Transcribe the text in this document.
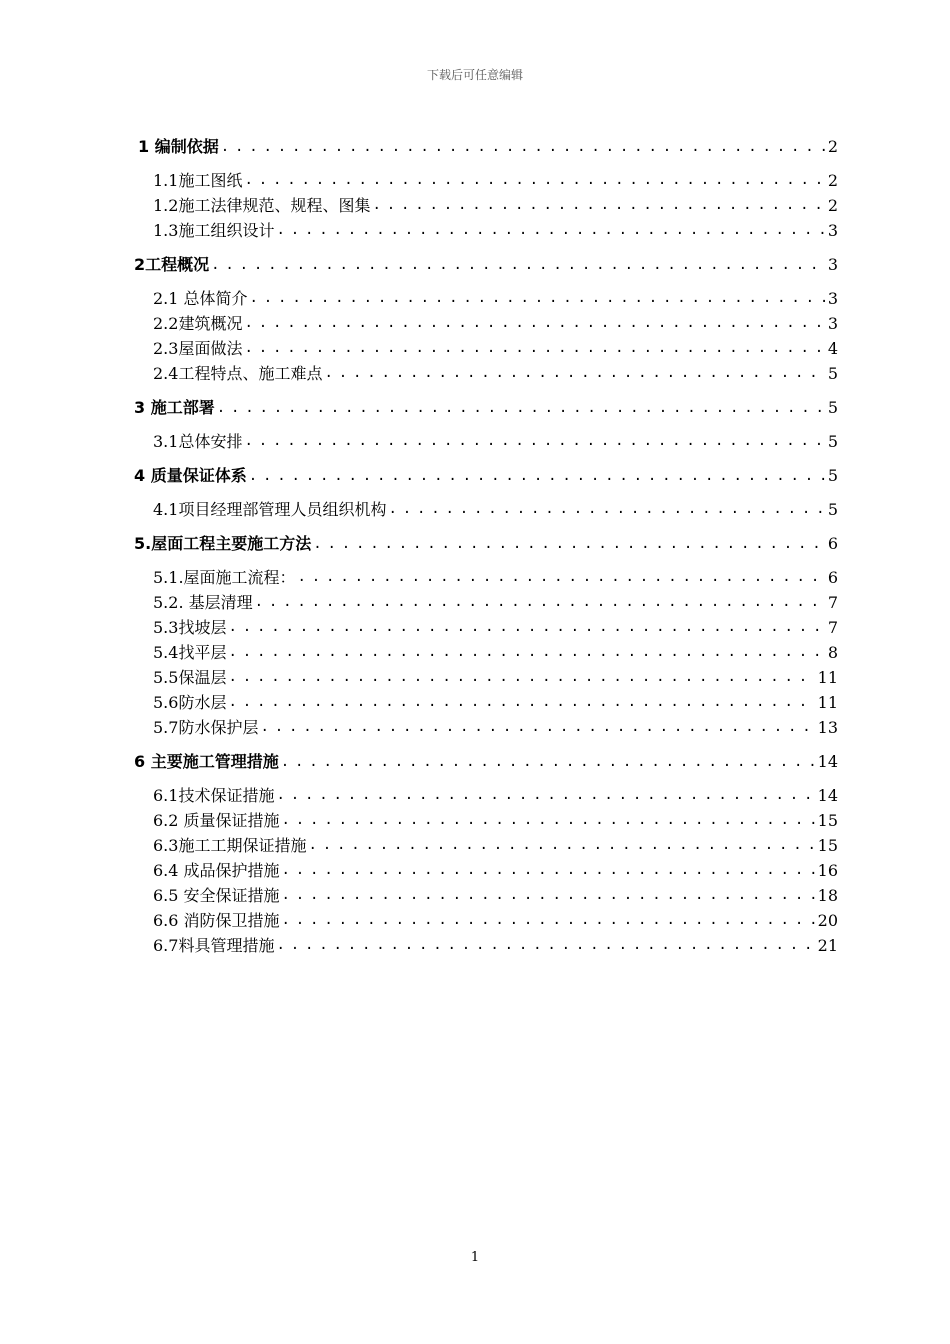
下载后可任意编辑
1 编制依据 . . .	2
1.1施工图纸 . . .	2
1.2施工法律规范、规程、图集 . . .	2
1.3施工组织设计 . . .	3
2工程概况 . . .	3
2.1 总体简介 . . .	3
2.2建筑概况 . . .	3
2.3屋面做法 . . .	4
2.4工程特点、施工难点 . . .	5
3 施工部署 . . .	5
3.1总体安排 . . .	5
4 质量保证体系 . . .	5
4.1项目经理部管理人员组织机构 . . .	5
5.屋面工程主要施工方法 . . .	6
5.1.屋面施工流程： . . .	6
5.2. 基层清理 . . .	7
5.3找坡层 . . .	7
5.4找平层 . . .	8
5.5保温层 . . .	11
5.6防水层 . . .	11
5.7防水保护层 . . .	13
6 主要施工管理措施 . . .	14
6.1技术保证措施 . . .	14
6.2 质量保证措施 . . .	15
6.3施工工期保证措施 . . .	15
6.4 成品保护措施 . . .	16
6.5 安全保证措施 . . .	18
6.6 消防保卫措施 . . .	20
6.7料具管理措施 . . .	21
1
